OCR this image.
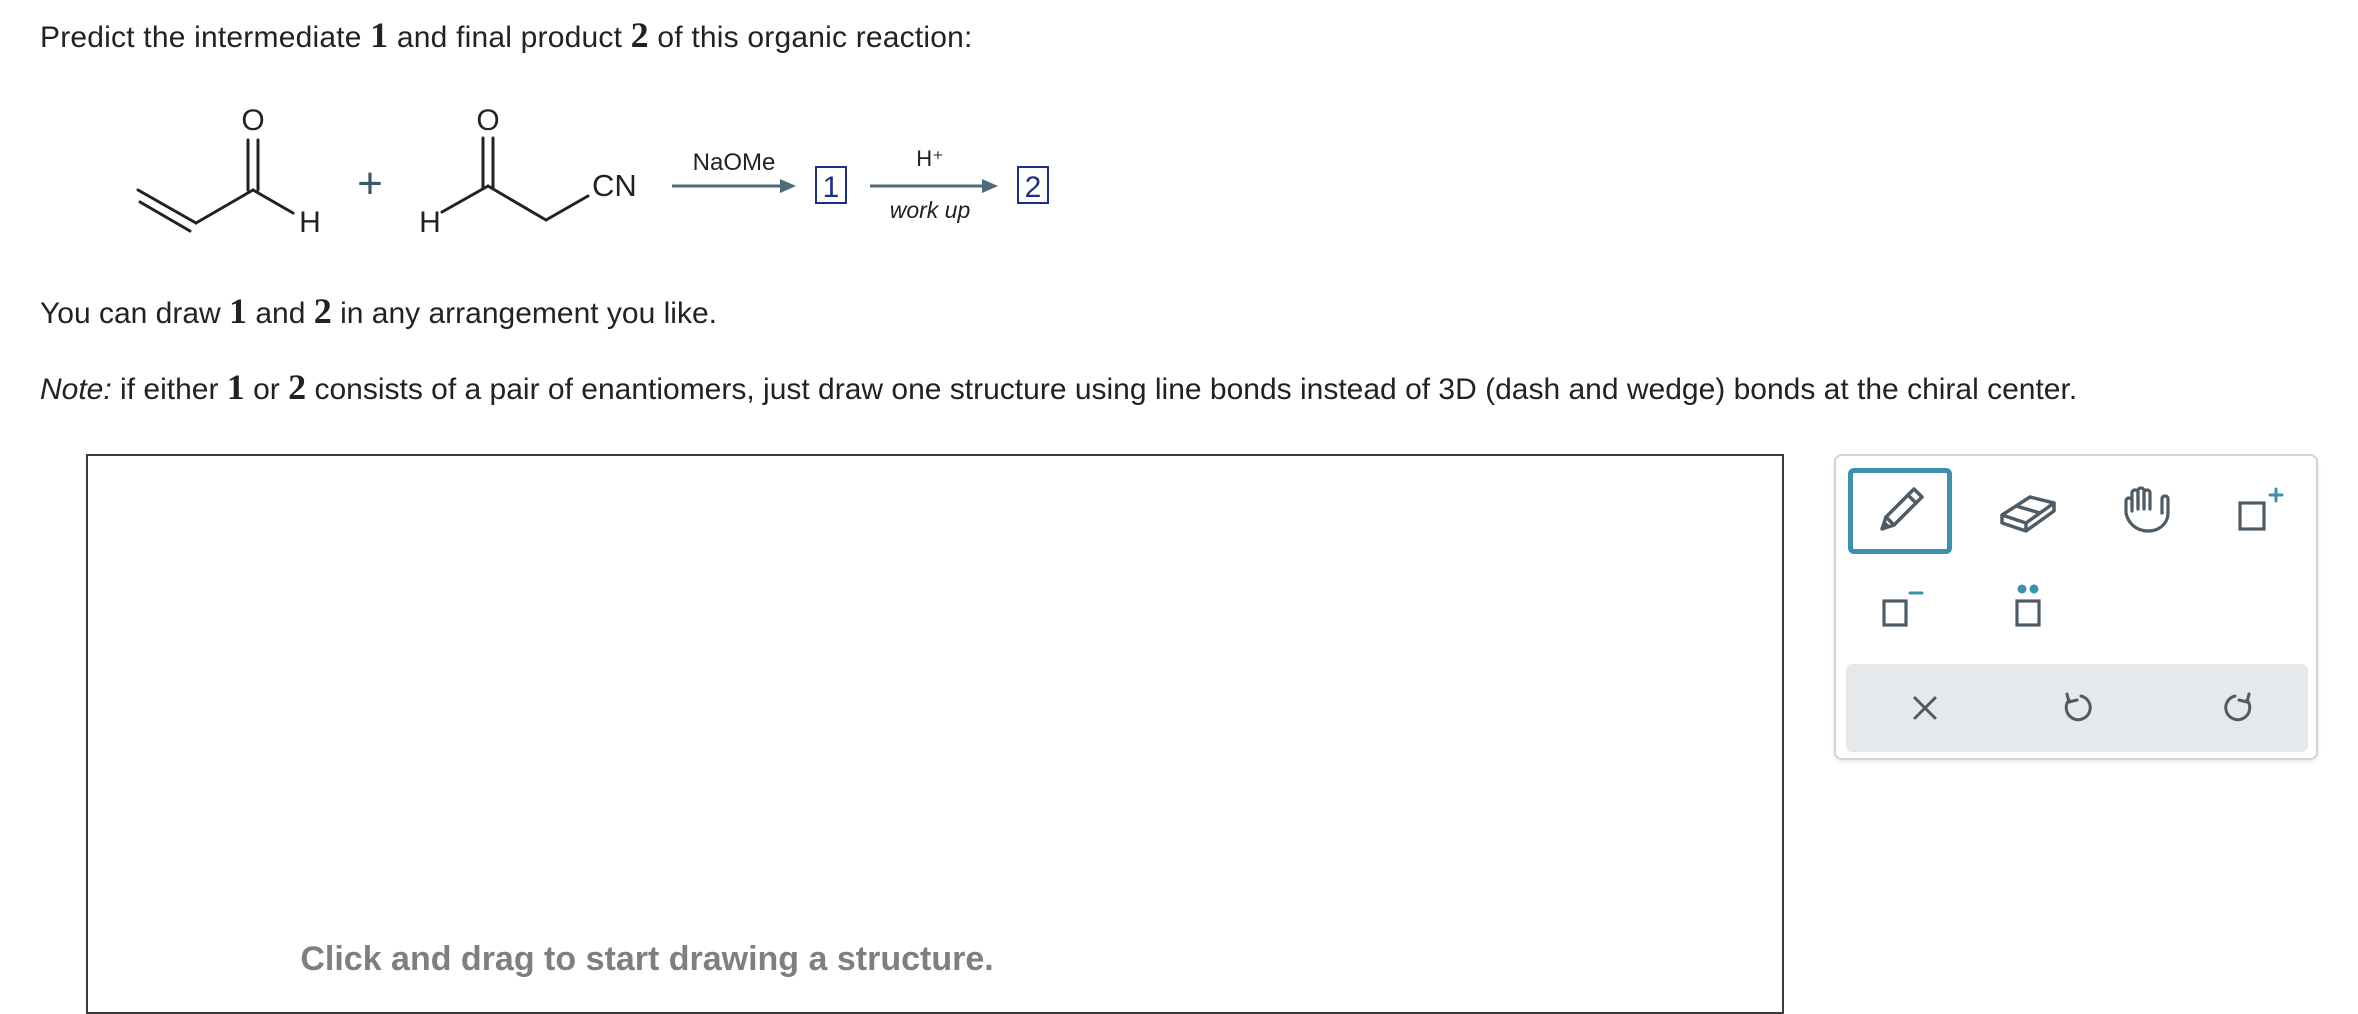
Predict the intermediate 1 and final product 2 of this organic reaction:
O
H
+
H
O
CN
NaOMe
1
H⁺
work up
2

You can draw 1 and 2 in any arrangement you like.

Note: if either 1 or 2 consists of a pair of enantiomers, just draw one structure using line bonds instead of 3D (dash and wedge) bonds at the chiral center.

Click and drag to start drawing a structure.
